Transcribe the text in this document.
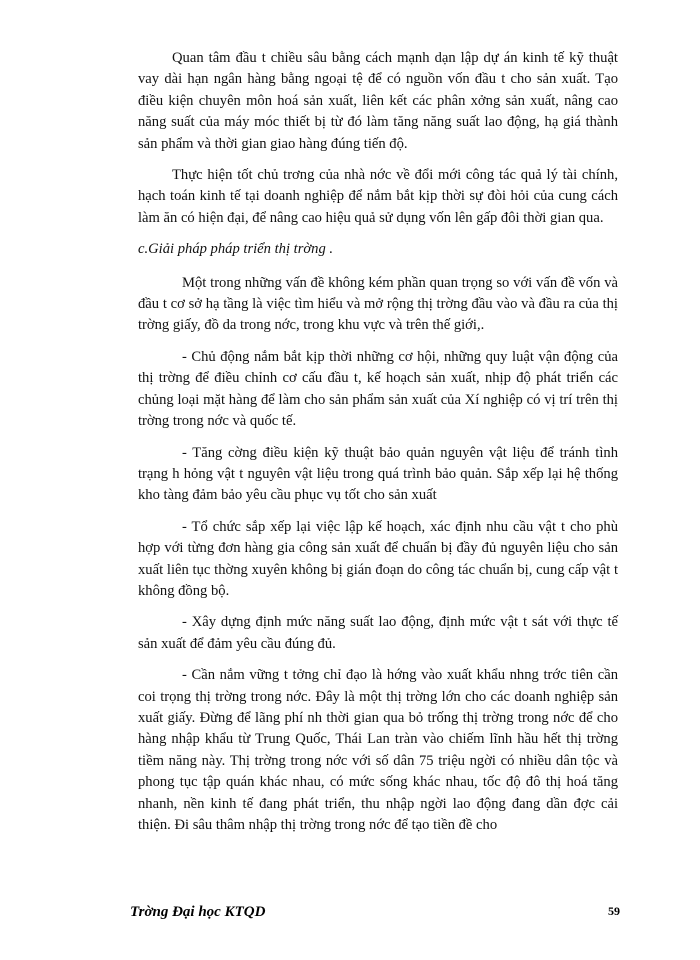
Quan tâm đầu t chiều sâu bằng cách mạnh dạn lập dự án kinh tế kỹ thuật vay dài hạn ngân hàng bằng ngoại tệ để có nguồn vốn đầu t cho sản xuất. Tạo điều kiện chuyên môn hoá sản xuất, liên kết các phân xởng sản xuất, nâng cao năng suất của máy móc thiết bị từ đó làm tăng năng suất lao động, hạ giá thành sản phẩm và thời gian giao hàng đúng tiến độ.

Thực hiện tốt chủ trơng của nhà nớc về đổi mới công tác quả lý tài chính, hạch toán kinh tế tại doanh nghiệp để nắm bắt kịp thời sự đòi hỏi của cung cách làm ăn có hiện đại, để nâng cao hiệu quả sử dụng vốn lên gấp đôi thời gian qua.

c.Giải pháp pháp triển thị trờng .

Một trong những vấn đề không kém phần quan trọng so với vấn đề vốn và đầu t cơ sở hạ tầng là việc tìm hiểu và mở rộng thị trờng đầu vào và đầu ra của thị trờng giấy, đồ da trong nớc, trong khu vực và trên thế giới,.

- Chủ động nắm bắt kịp thời những cơ hội, những quy luật vận động của thị trờng để điều chỉnh cơ cấu đầu t, kế hoạch sản xuất, nhịp độ phát triển các chủng loại mặt hàng để làm cho sản phẩm sản xuất của Xí nghiệp có vị trí trên thị trờng trong nớc và quốc tế.

- Tăng cờng điều kiện kỹ thuật bảo quản nguyên vật liệu để tránh tình trạng h hỏng vật t nguyên vật liệu trong quá trình bảo quản. Sắp xếp lại hệ thống kho tàng đảm bảo yêu cầu phục vụ tốt cho sản xuất

- Tổ chức sắp xếp lại việc lập kế hoạch, xác định nhu cầu vật t cho phù hợp với từng đơn hàng gia công sản xuất để chuẩn bị đầy đủ nguyên liệu cho sản xuất liên tục thờng xuyên không bị gián đoạn do công tác chuẩn bị, cung cấp vật t không đồng bộ.

- Xây dựng định mức năng suất lao động, định mức vật t sát với thực tế sản xuất để đảm yêu cầu đúng đủ.

- Cần nắm vững t tởng chỉ đạo là hớng vào xuất khẩu nhng trớc tiên cần coi trọng thị trờng trong nớc. Đây là một thị trờng lớn cho các doanh nghiệp sản xuất giấy. Đừng để lãng phí nh thời gian qua bỏ trống thị trờng trong nớc để cho hàng nhập khẩu từ Trung Quốc, Thái Lan tràn vào chiếm lĩnh hầu hết thị trờng tiềm năng này. Thị trờng trong nớc với số dân 75 triệu ngời có nhiều dân tộc và phong tục tập quán khác nhau, có mức sống khác nhau, tốc độ đô thị hoá tăng nhanh, nền kinh tế đang phát triển, thu nhập ngời lao động đang dần đợc cải thiện. Đi sâu thâm nhập thị trờng trong nớc để tạo tiền đề cho

Trờng Đại học KTQD	59
